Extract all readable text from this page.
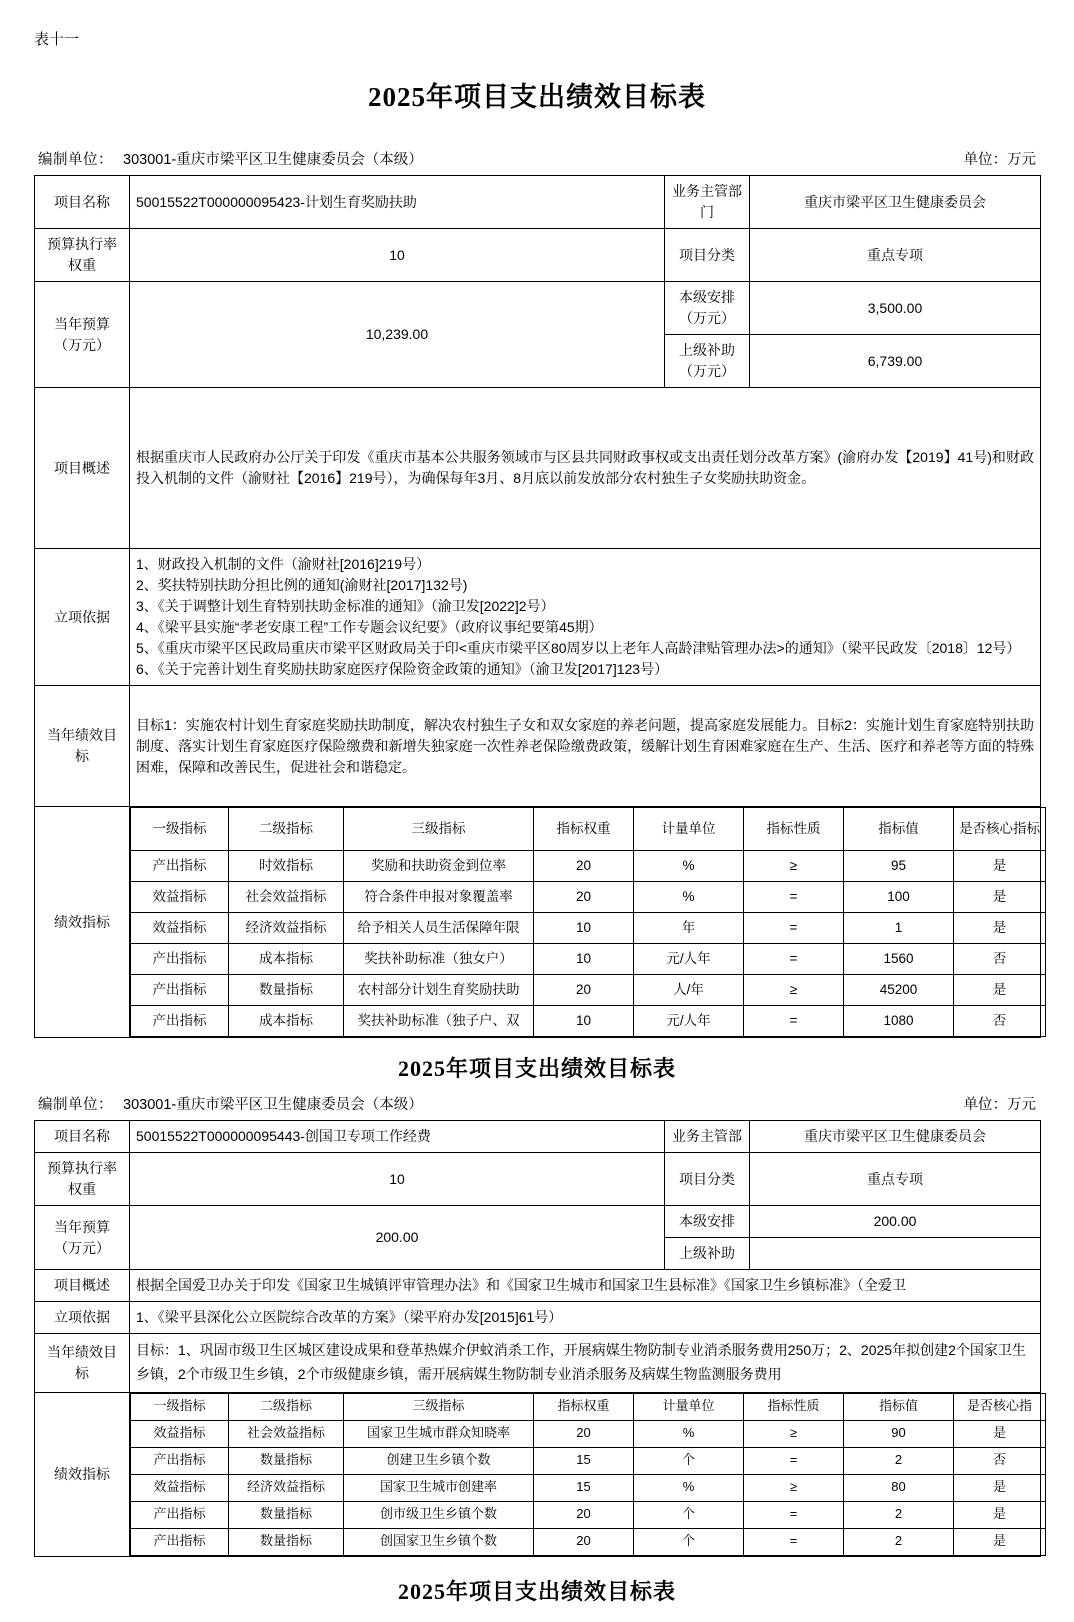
表十一
2025年项目支出绩效目标表
编制单位： 303001-重庆市梁平区卫生健康委员会（本级）	单位：万元
项目名称	50015522T000000095423-计划生育奖励扶助	业务主管部门	重庆市梁平区卫生健康委员会
预算执行率权重	10	项目分类	重点专项
当年预算（万元）	10,239.00	本级安排（万元）	3,500.00
上级补助（万元）	6,739.00
项目概述	根据重庆市人民政府办公厅关于印发《重庆市基本公共服务领域市与区县共同财政事权或支出责任划分改革方案》(渝府办发【2019】41号)和财政投入机制的文件（渝财社【2016】219号），为确保每年3月、8月底以前发放部分农村独生子女奖励扶助资金。
立项依据	
1、财政投入机制的文件（渝财社[2016]219号）
2、奖扶特别扶助分担比例的通知(渝财社[2017]132号)
3、《关于调整计划生育特别扶助金标准的通知》（渝卫发[2022]2号）
4、《梁平县实施“孝老安康工程”工作专题会议纪要》（政府议事纪要第45期）
5、《重庆市梁平区民政局重庆市梁平区财政局关于印<重庆市梁平区80周岁以上老年人高龄津贴管理办法>的通知》（梁平民政发〔2018〕12号）
6、《关于完善计划生育奖励扶助家庭医疗保险资金政策的通知》（渝卫发[2017]123号）

当年绩效目标	目标1：实施农村计划生育家庭奖励扶助制度，解决农村独生子女和双女家庭的养老问题，提高家庭发展能力。目标2：实施计划生育家庭特别扶助制度、落实计划生育家庭医疗保险缴费和新增失独家庭一次性养老保险缴费政策，缓解计划生育困难家庭在生产、生活、医疗和养老等方面的特殊困难，保障和改善民生，促进社会和谐稳定。
绩效指标	
一级指标	二级指标	三级指标	指标权重	计量单位	指标性质	指标值	是否核心指标
产出指标	时效指标	奖励和扶助资金到位率	20	%	≥	95	是
效益指标	社会效益指标	符合条件申报对象覆盖率	20	%	=	100	是
效益指标	经济效益指标	给予相关人员生活保障年限	10	年	=	1	是
产出指标	成本指标	奖扶补助标准（独女户）	10	元/人年	=	1560	否
产出指标	数量指标	农村部分计划生育奖励扶助	20	人/年	≥	45200	是
产出指标	成本指标	奖扶补助标准（独子户、双	10	元/人年	=	1080	否
2025年项目支出绩效目标表
编制单位： 303001-重庆市梁平区卫生健康委员会（本级）	单位：万元
项目名称	50015522T000000095443-创国卫专项工作经费	业务主管部	重庆市梁平区卫生健康委员会
预算执行率权重	10	项目分类	重点专项
当年预算（万元）	200.00	本级安排	200.00
上级补助	
项目概述	根据全国爱卫办关于印发《国家卫生城镇评审管理办法》和《国家卫生城市和国家卫生县标准》《国家卫生乡镇标准》（全爱卫
立项依据	1、《梁平县深化公立医院综合改革的方案》（梁平府办发[2015]61号）
当年绩效目标	目标：1、巩固市级卫生区城区建设成果和登革热媒介伊蚊消杀工作，开展病媒生物防制专业消杀服务费用250万；2、2025年拟创建2个国家卫生乡镇，2个市级卫生乡镇，2个市级健康乡镇，需开展病媒生物防制专业消杀服务及病媒生物监测服务费用
绩效指标	
一级指标	二级指标	三级指标	指标权重	计量单位	指标性质	指标值	是否核心指
效益指标	社会效益指标	国家卫生城市群众知晓率	20	%	≥	90	是
产出指标	数量指标	创建卫生乡镇个数	15	个	=	2	否
效益指标	经济效益指标	国家卫生城市创建率	15	%	≥	80	是
产出指标	数量指标	创市级卫生乡镇个数	20	个	=	2	是
产出指标	数量指标	创国家卫生乡镇个数	20	个	=	2	是
2025年项目支出绩效目标表
